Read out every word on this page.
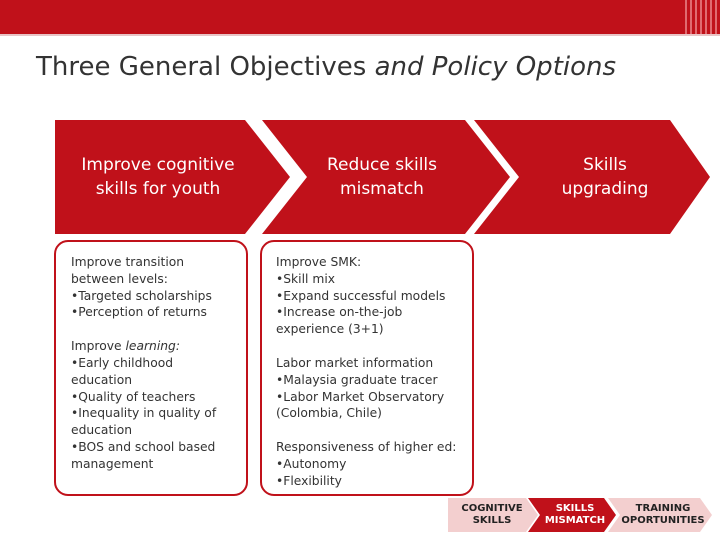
Three General Objectives and Policy Options
Improve cognitive
skills for youth
Reduce skills
mismatch
Skills
upgrading
Improve transition
between levels:
•Targeted scholarships
•Perception of returns
Improve learning:
•Early childhood
education
•Quality of teachers
•Inequality in quality of
education
•BOS and school based
management
Improve SMK:
•Skill mix
•Expand successful models
•Increase on-the-job
experience (3+1)
Labor market information
•Malaysia graduate tracer
•Labor Market Observatory
(Colombia, Chile)
Responsiveness of higher ed:
•Autonomy
•Flexibility
COGNITIVE
SKILLS
SKILLS
MISMATCH
TRAINING
OPORTUNITIES
